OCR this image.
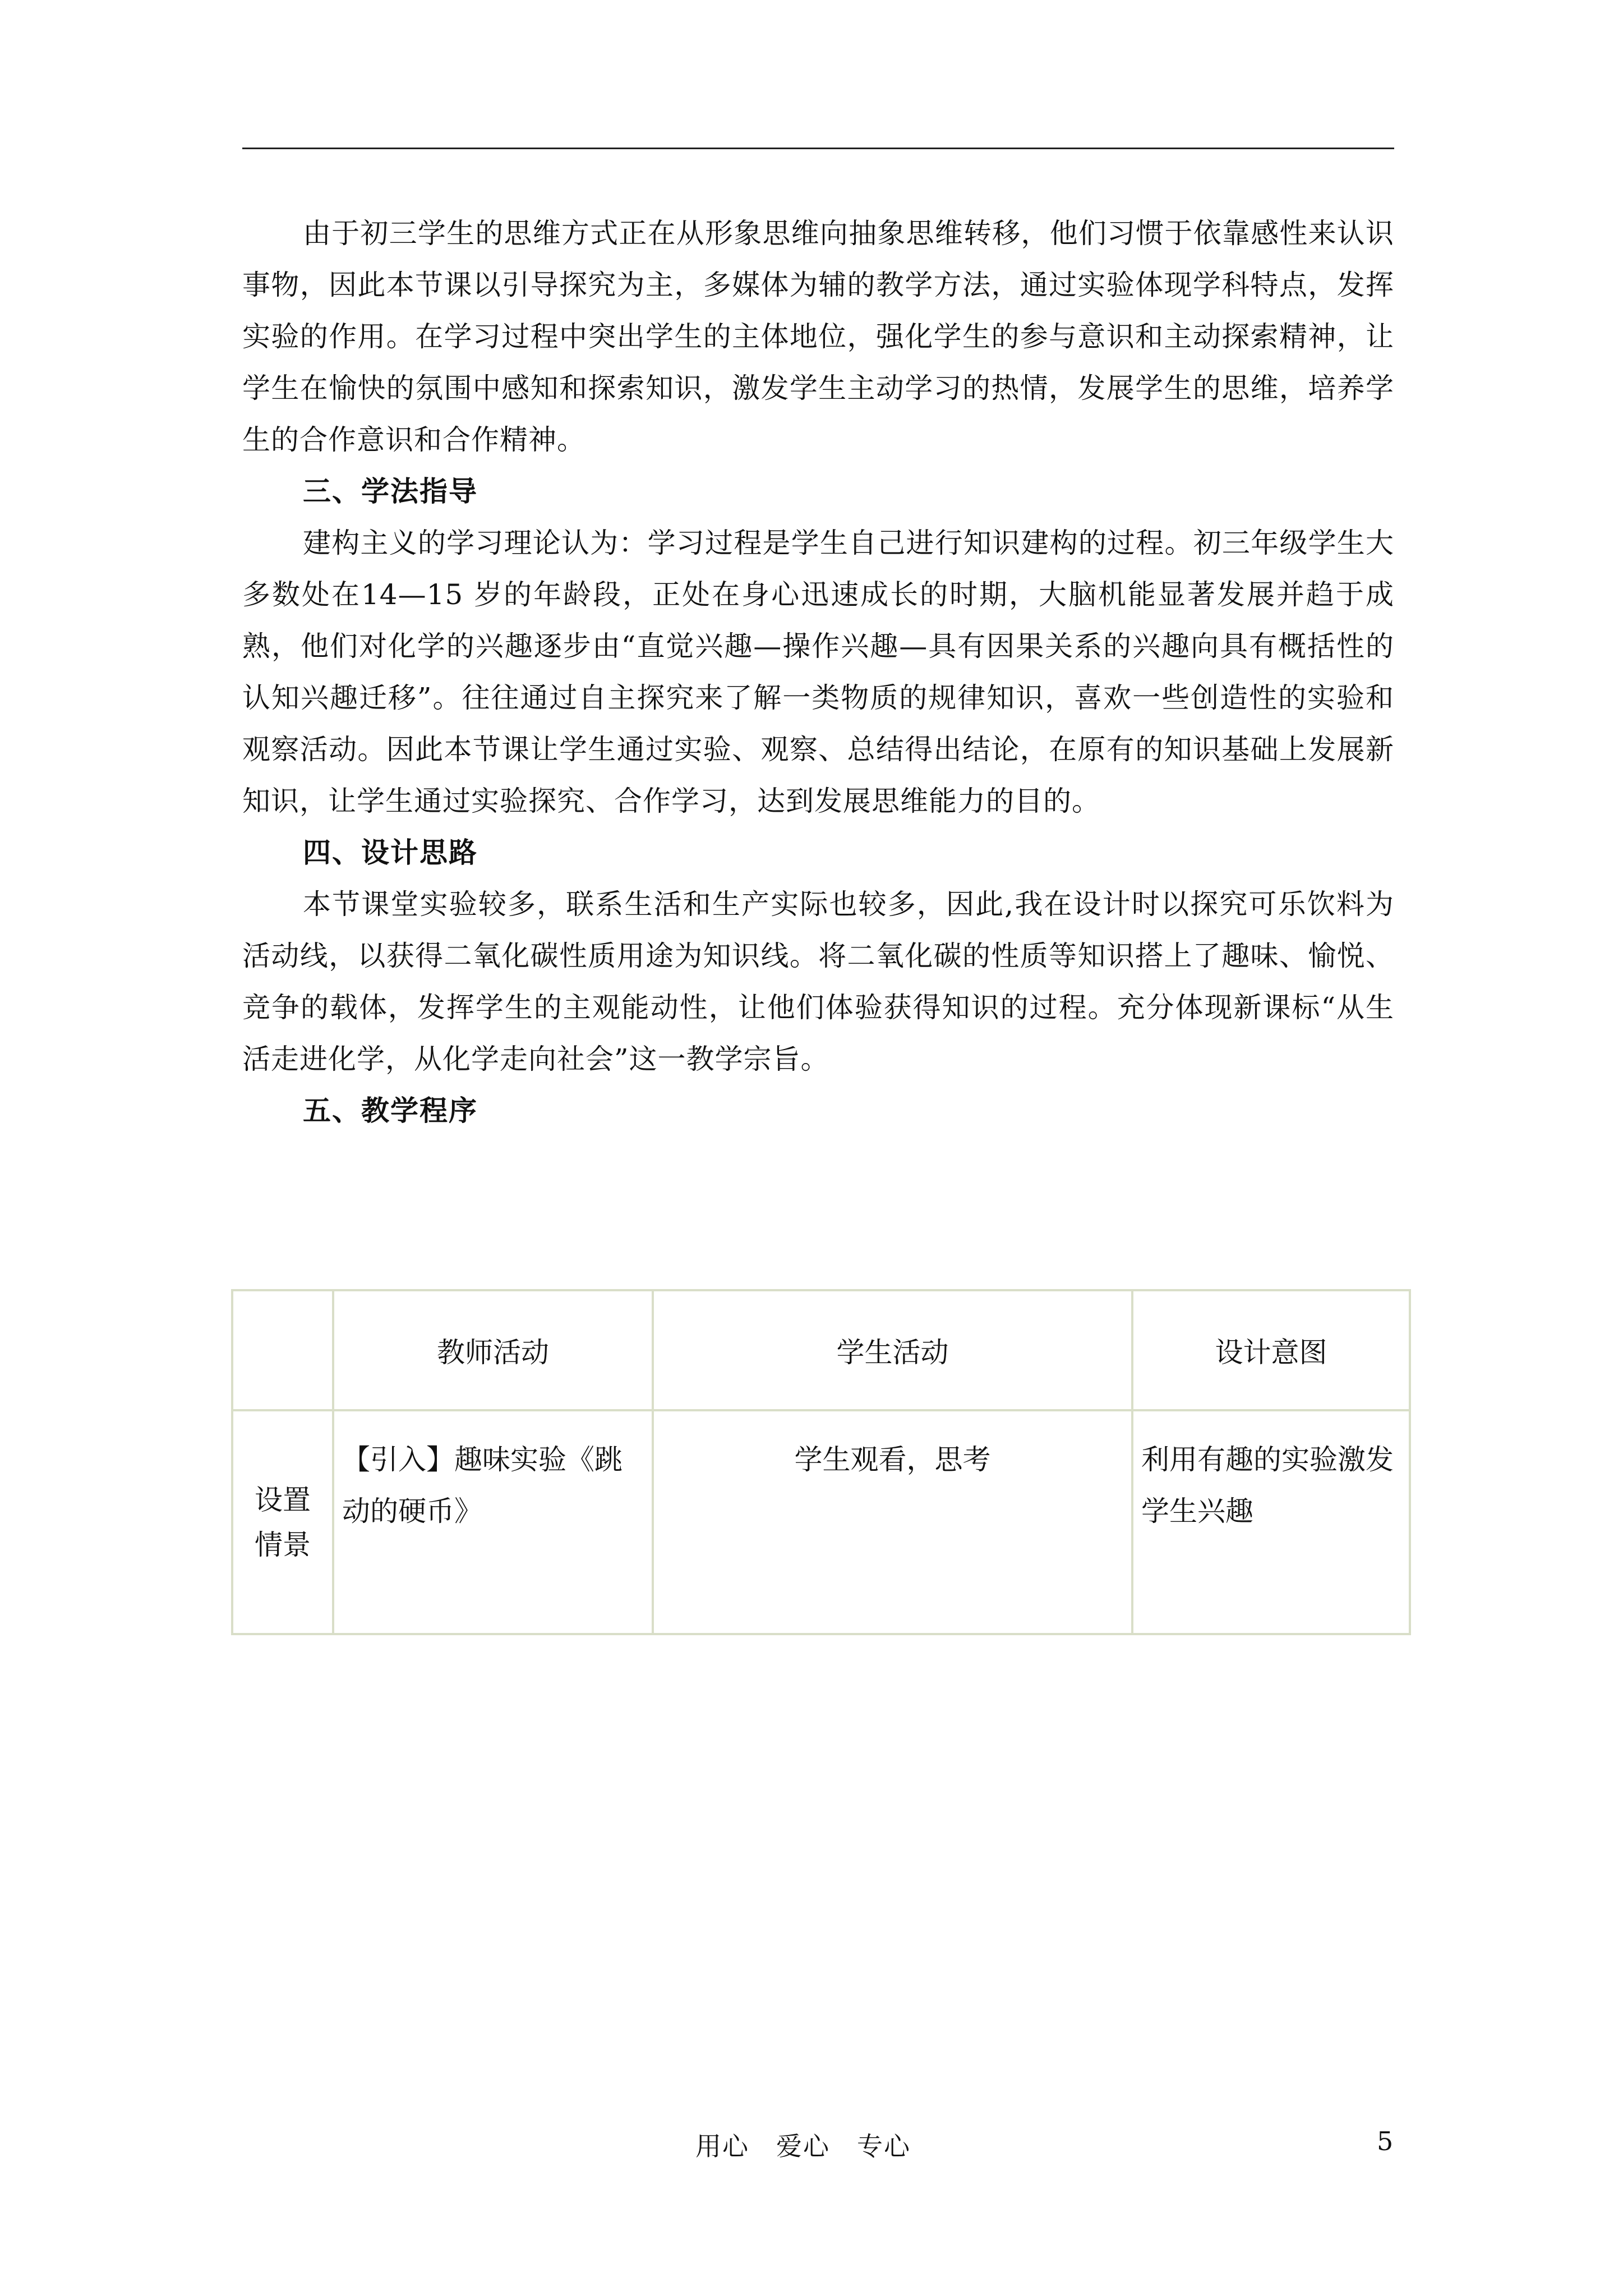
由于初三学生的思维方式正在从形象思维向抽象思维转移，他们习惯于依靠感性来认识事物，因此本节课以引导探究为主，多媒体为辅的教学方法，通过实验体现学科特点，发挥实验的作用。在学习过程中突出学生的主体地位，强化学生的参与意识和主动探索精神，让学生在愉快的氛围中感知和探索知识，激发学生主动学习的热情，发展学生的思维，培养学生的合作意识和合作精神。

三、学法指导

建构主义的学习理论认为：学习过程是学生自己进行知识建构的过程。初三年级学生大多数处在14—15 岁的年龄段，正处在身心迅速成长的时期，大脑机能显著发展并趋于成熟，他们对化学的兴趣逐步由“直觉兴趣—操作兴趣—具有因果关系的兴趣向具有概括性的认知兴趣迁移”。往往通过自主探究来了解一类物质的规律知识，喜欢一些创造性的实验和观察活动。因此本节课让学生通过实验、观察、总结得出结论，在原有的知识基础上发展新知识，让学生通过实验探究、合作学习，达到发展思维能力的目的。

四、设计思路

本节课堂实验较多，联系生活和生产实际也较多，因此,我在设计时以探究可乐饮料为活动线，以获得二氧化碳性质用途为知识线。将二氧化碳的性质等知识搭上了趣味、愉悦、竞争的载体，发挥学生的主观能动性，让他们体验获得知识的过程。充分体现新课标“从生活走进化学，从化学走向社会”这一教学宗旨。

五、教学程序

	教师活动	学生活动	设计意图

设置
情景	【引入】趣味实验《跳动的硬币》	学生观看，思考	利用有趣的实验激发学生兴趣
用心　爱心　专心	5
